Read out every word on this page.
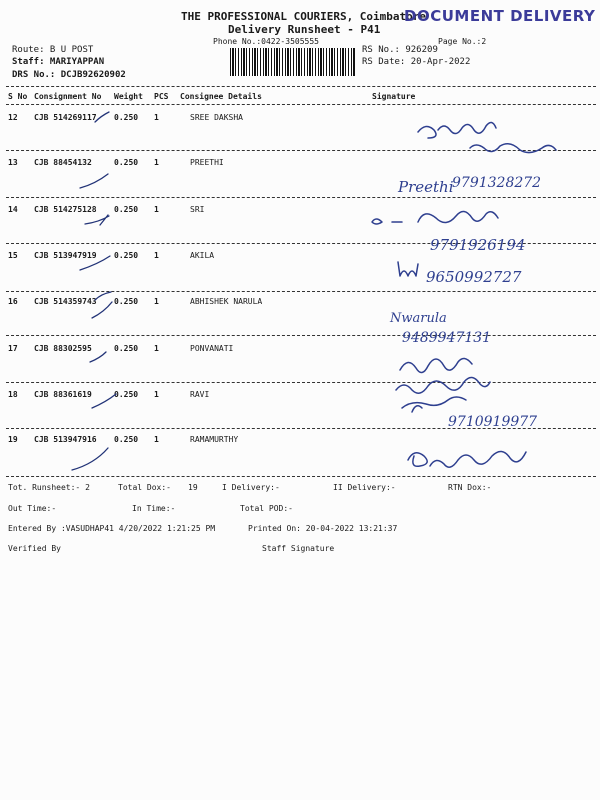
THE PROFESSIONAL COURIERS, Coimbatore
DOCUMENT DELIVERY
Delivery Runsheet - P41
Phone No.:0422-3505555	Page No.:2
Route: B U POST
Staff: MARIYAPPAN
DRS No.: DCJB92620902
RS No.: 926209
RS Date: 20-Apr-2022
S No Consignment No Weight PCS Consignee Details	Signature
12 CJB 514269117 0.250 1	SREE DAKSHA
13 CJB 88454132	0.250 1	PREETHI
14 CJB 514275128 0.250 1	SRI
15 CJB 513947919 0.250 1	AKILA
16 CJB 514359743 0.250 1	ABHISHEK NARULA
17 CJB 88302595	0.250 1	PONVANATI
18 CJB 88361619	0.250 1	RAVI
19 CJB 513947916 0.250 1	RAMAMURTHY
Tot. Runsheet:- 2	Total Dox:- 19	I Delivery:-	II Delivery:-	RTN Dox:-
Out Time:-	In Time:-	Total POD:-
Entered By :VASUDHAP41 4/20/2022 1:21:25 PM	Printed On: 20-04-2022 13:21:37
Verified By	Staff Signature
Preethi
9791328272
9791926194
9650992727
Nwarula
9489947131
9710919977
